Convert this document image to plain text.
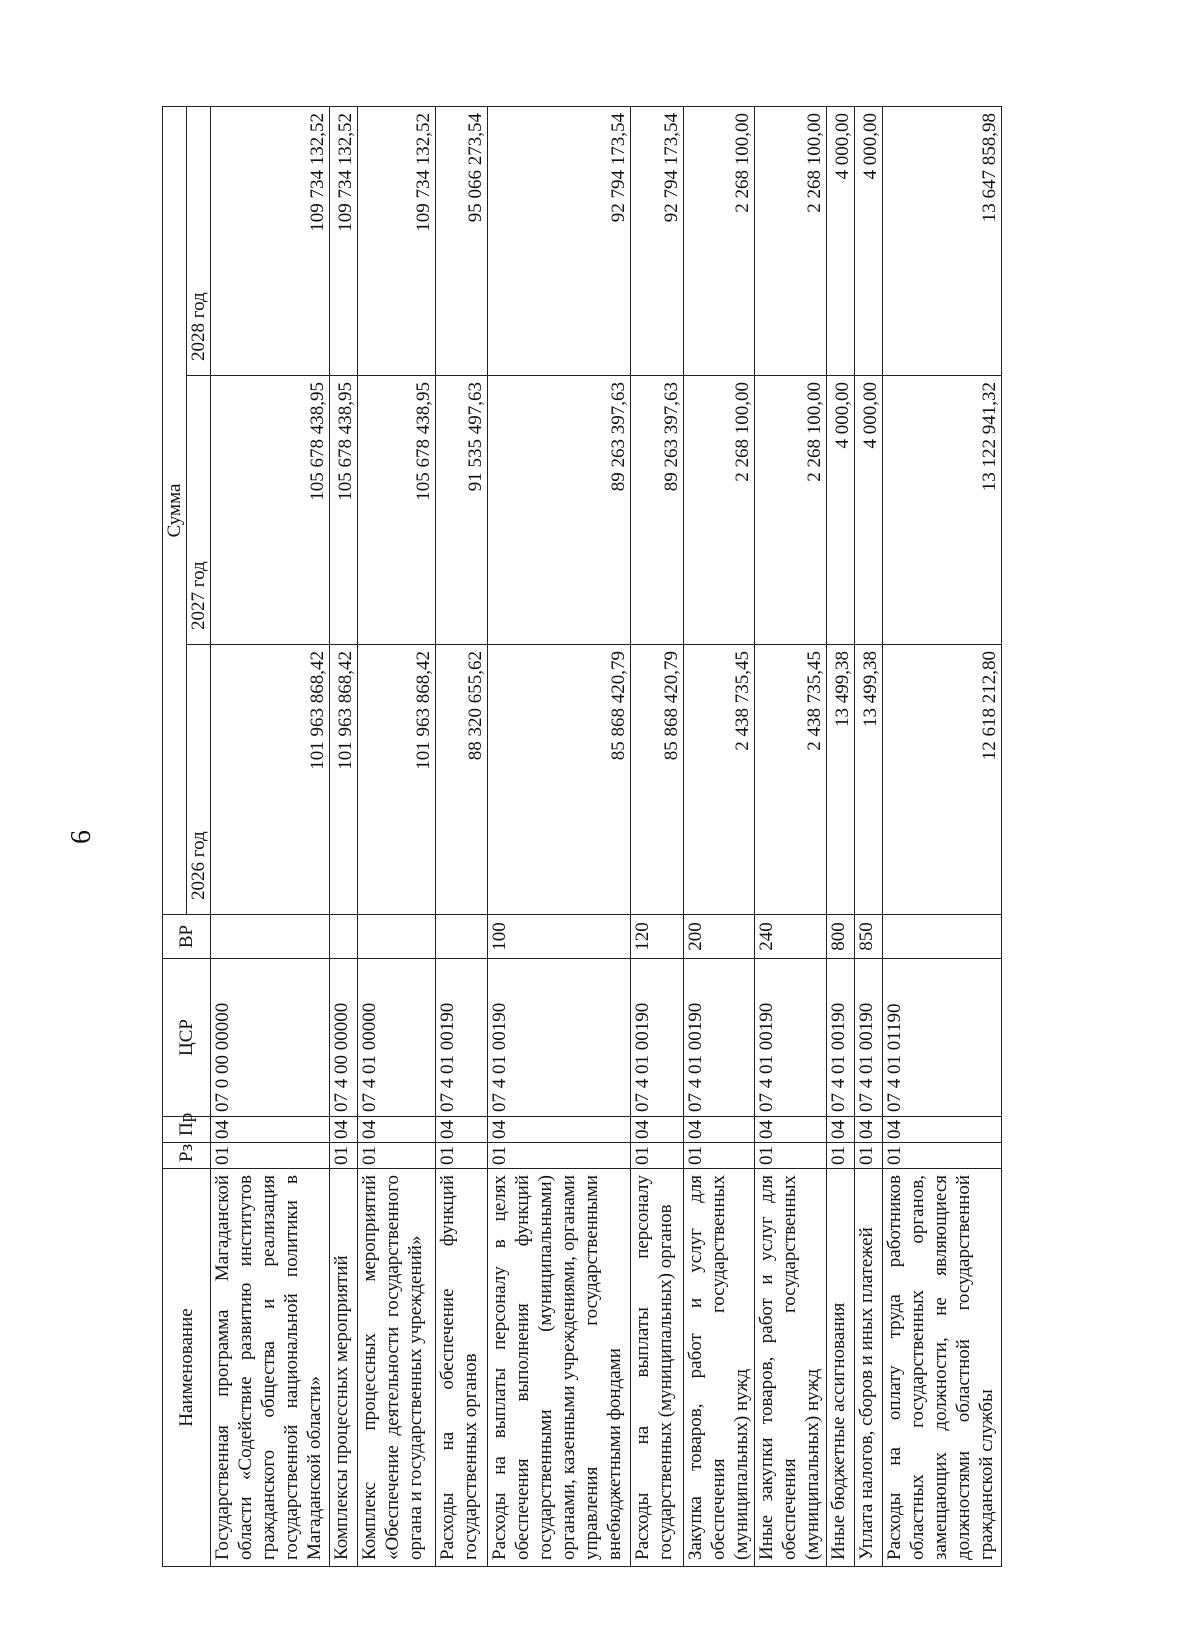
6
Наименование	Рз	Пр	ЦСР	ВР	Сумма		
					2026 год	2027 год	2028 год
Государственная программа Магаданской области «Содействие развитию институтов гражданского общества и реализация государственной национальной политики в Магаданской области»	01	04	07 0 00 00000		101 963 868,42	105 678 438,95	109 734 132,52
Комплексы процессных мероприятий	01	04	07 4 00 00000		101 963 868,42	105 678 438,95	109 734 132,52
Комплекс процессных мероприятий «Обеспечение деятельности государственного органа и государственных учреждений»	01	04	07 4 01 00000		101 963 868,42	105 678 438,95	109 734 132,52
Расходы на обеспечение функций государственных органов	01	04	07 4 01 00190		88 320 655,62	91 535 497,63	95 066 273,54
Расходы на выплаты персоналу в целях обеспечения выполнения функций государственными (муниципальными) органами, казенными учреждениями, органами управления государственными внебюджетными фондами	01	04	07 4 01 00190	100	85 868 420,79	89 263 397,63	92 794 173,54
Расходы на выплаты персоналу государственных (муниципальных) органов	01	04	07 4 01 00190	120	85 868 420,79	89 263 397,63	92 794 173,54
Закупка товаров, работ и услуг для обеспечения государственных (муниципальных) нужд	01	04	07 4 01 00190	200	2 438 735,45	2 268 100,00	2 268 100,00
Иные закупки товаров, работ и услуг для обеспечения государственных (муниципальных) нужд	01	04	07 4 01 00190	240	2 438 735,45	2 268 100,00	2 268 100,00
Иные бюджетные ассигнования	01	04	07 4 01 00190	800	13 499,38	4 000,00	4 000,00
Уплата налогов, сборов и иных платежей	01	04	07 4 01 00190	850	13 499,38	4 000,00	4 000,00
Расходы на оплату труда работников областных государственных органов, замещающих должности, не являющиеся должностями областной государственной гражданской службы	01	04	07 4 01 01190		12 618 212,80	13 122 941,32	13 647 858,98
